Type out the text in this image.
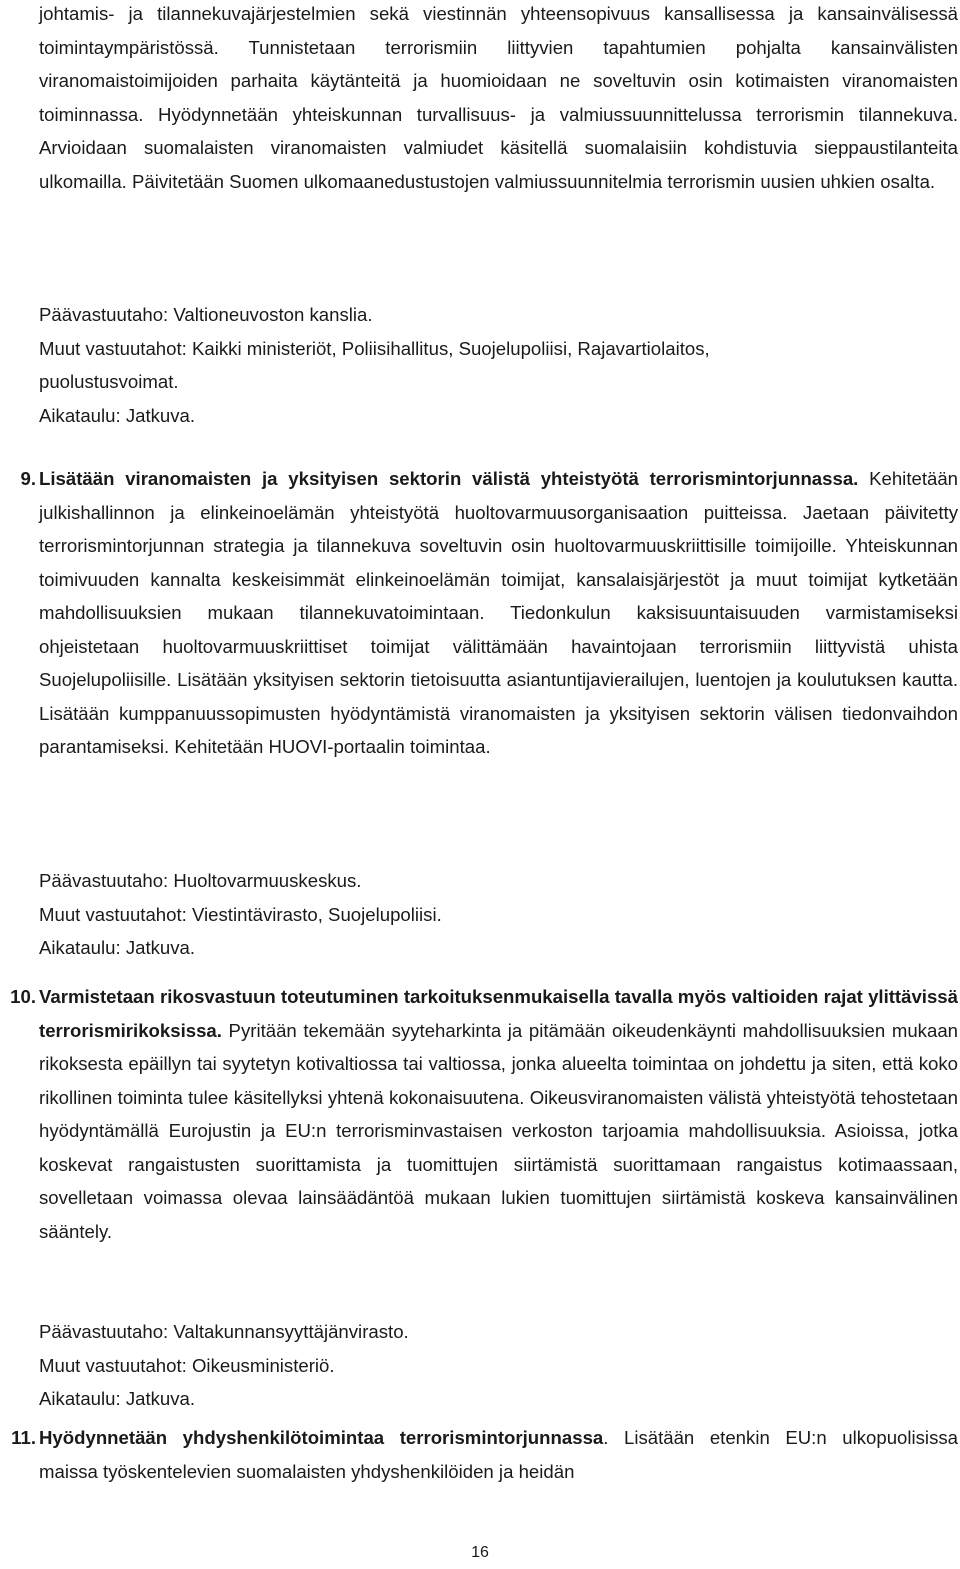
johtamis- ja tilannekuvajärjestelmien sekä viestinnän yhteensopivuus kansallisessa ja kansainvälisessä toimintaympäristössä. Tunnistetaan terrorismiin liittyvien tapahtumien pohjalta kansainvälisten viranomaistoimijoiden parhaita käytänteitä ja huomioidaan ne soveltuvin osin kotimaisten viranomaisten toiminnassa. Hyödynnetään yhteiskunnan turvallisuus- ja valmiussuunnittelussa terrorismin tilannekuva. Arvioidaan suomalaisten viranomaisten valmiudet käsitellä suomalaisiin kohdistuvia sieppaustilanteita ulkomailla. Päivitetään Suomen ulkomaanedustustojen valmiussuunnitelmia terrorismin uusien uhkien osalta.

Päävastuutaho: Valtioneuvoston kanslia.
Muut vastuutahot: Kaikki ministeriöt, Poliisihallitus, Suojelupoliisi, Rajavartiolaitos,
puolustusvoimat.
Aikataulu: Jatkuva.
9. Lisätään viranomaisten ja yksityisen sektorin välistä yhteistyötä terrorismintorjunnassa. Kehitetään julkishallinnon ja elinkeinoelämän yhteistyötä huoltovarmuusorganisaation puitteissa. Jaetaan päivitetty terrorismintorjunnan strategia ja tilannekuva soveltuvin osin huoltovarmuuskriittisille toimijoille. Yhteiskunnan toimivuuden kannalta keskeisimmät elinkeinoelämän toimijat, kansalaisjärjestöt ja muut toimijat kytketään mahdollisuuksien mukaan tilannekuvatoimintaan. Tiedonkulun kaksisuuntaisuuden varmistamiseksi ohjeistetaan huoltovarmuuskriittiset toimijat välittämään havaintojaan terrorismiin liittyvistä uhista Suojelupoliisille. Lisätään yksityisen sektorin tietoisuutta asiantuntijavierailujen, luentojen ja koulutuksen kautta. Lisätään kumppanuussopimusten hyödyntämistä viranomaisten ja yksityisen sektorin välisen tiedonvaihdon parantamiseksi. Kehitetään HUOVI-portaalin toimintaa.
Päävastuutaho: Huoltovarmuuskeskus.
Muut vastuutahot: Viestintävirasto, Suojelupoliisi.
Aikataulu: Jatkuva.
10. Varmistetaan rikosvastuun toteutuminen tarkoituksenmukaisella tavalla myös valtioiden rajat ylittävissä terrorismirikoksissa. Pyritään tekemään syyteharkinta ja pitämään oikeudenkäynti mahdollisuuksien mukaan rikoksesta epäillyn tai syytetyn kotivaltiossa tai valtiossa, jonka alueelta toimintaa on johdettu ja siten, että koko rikollinen toiminta tulee käsitellyksi yhtenä kokonaisuutena. Oikeusviranomaisten välistä yhteistyötä tehostetaan hyödyntämällä Eurojustin ja EU:n terrorisminvastaisen verkoston tarjoamia mahdollisuuksia. Asioissa, jotka koskevat rangaistusten suorittamista ja tuomittujen siirtämistä suorittamaan rangaistus kotimaassaan, sovelletaan voimassa olevaa lainsäädäntöä mukaan lukien tuomittujen siirtämistä koskeva kansainvälinen sääntely.
Päävastuutaho: Valtakunnansyyttäjänvirasto.
Muut vastuutahot: Oikeusministeriö.
Aikataulu: Jatkuva.
11. Hyödynnetään yhdyshenkilötoimintaa terrorismintorjunnassa. Lisätään etenkin EU:n ulkopuolisissa maissa työskentelevien suomalaisten yhdyshenkilöiden ja heidän
16
